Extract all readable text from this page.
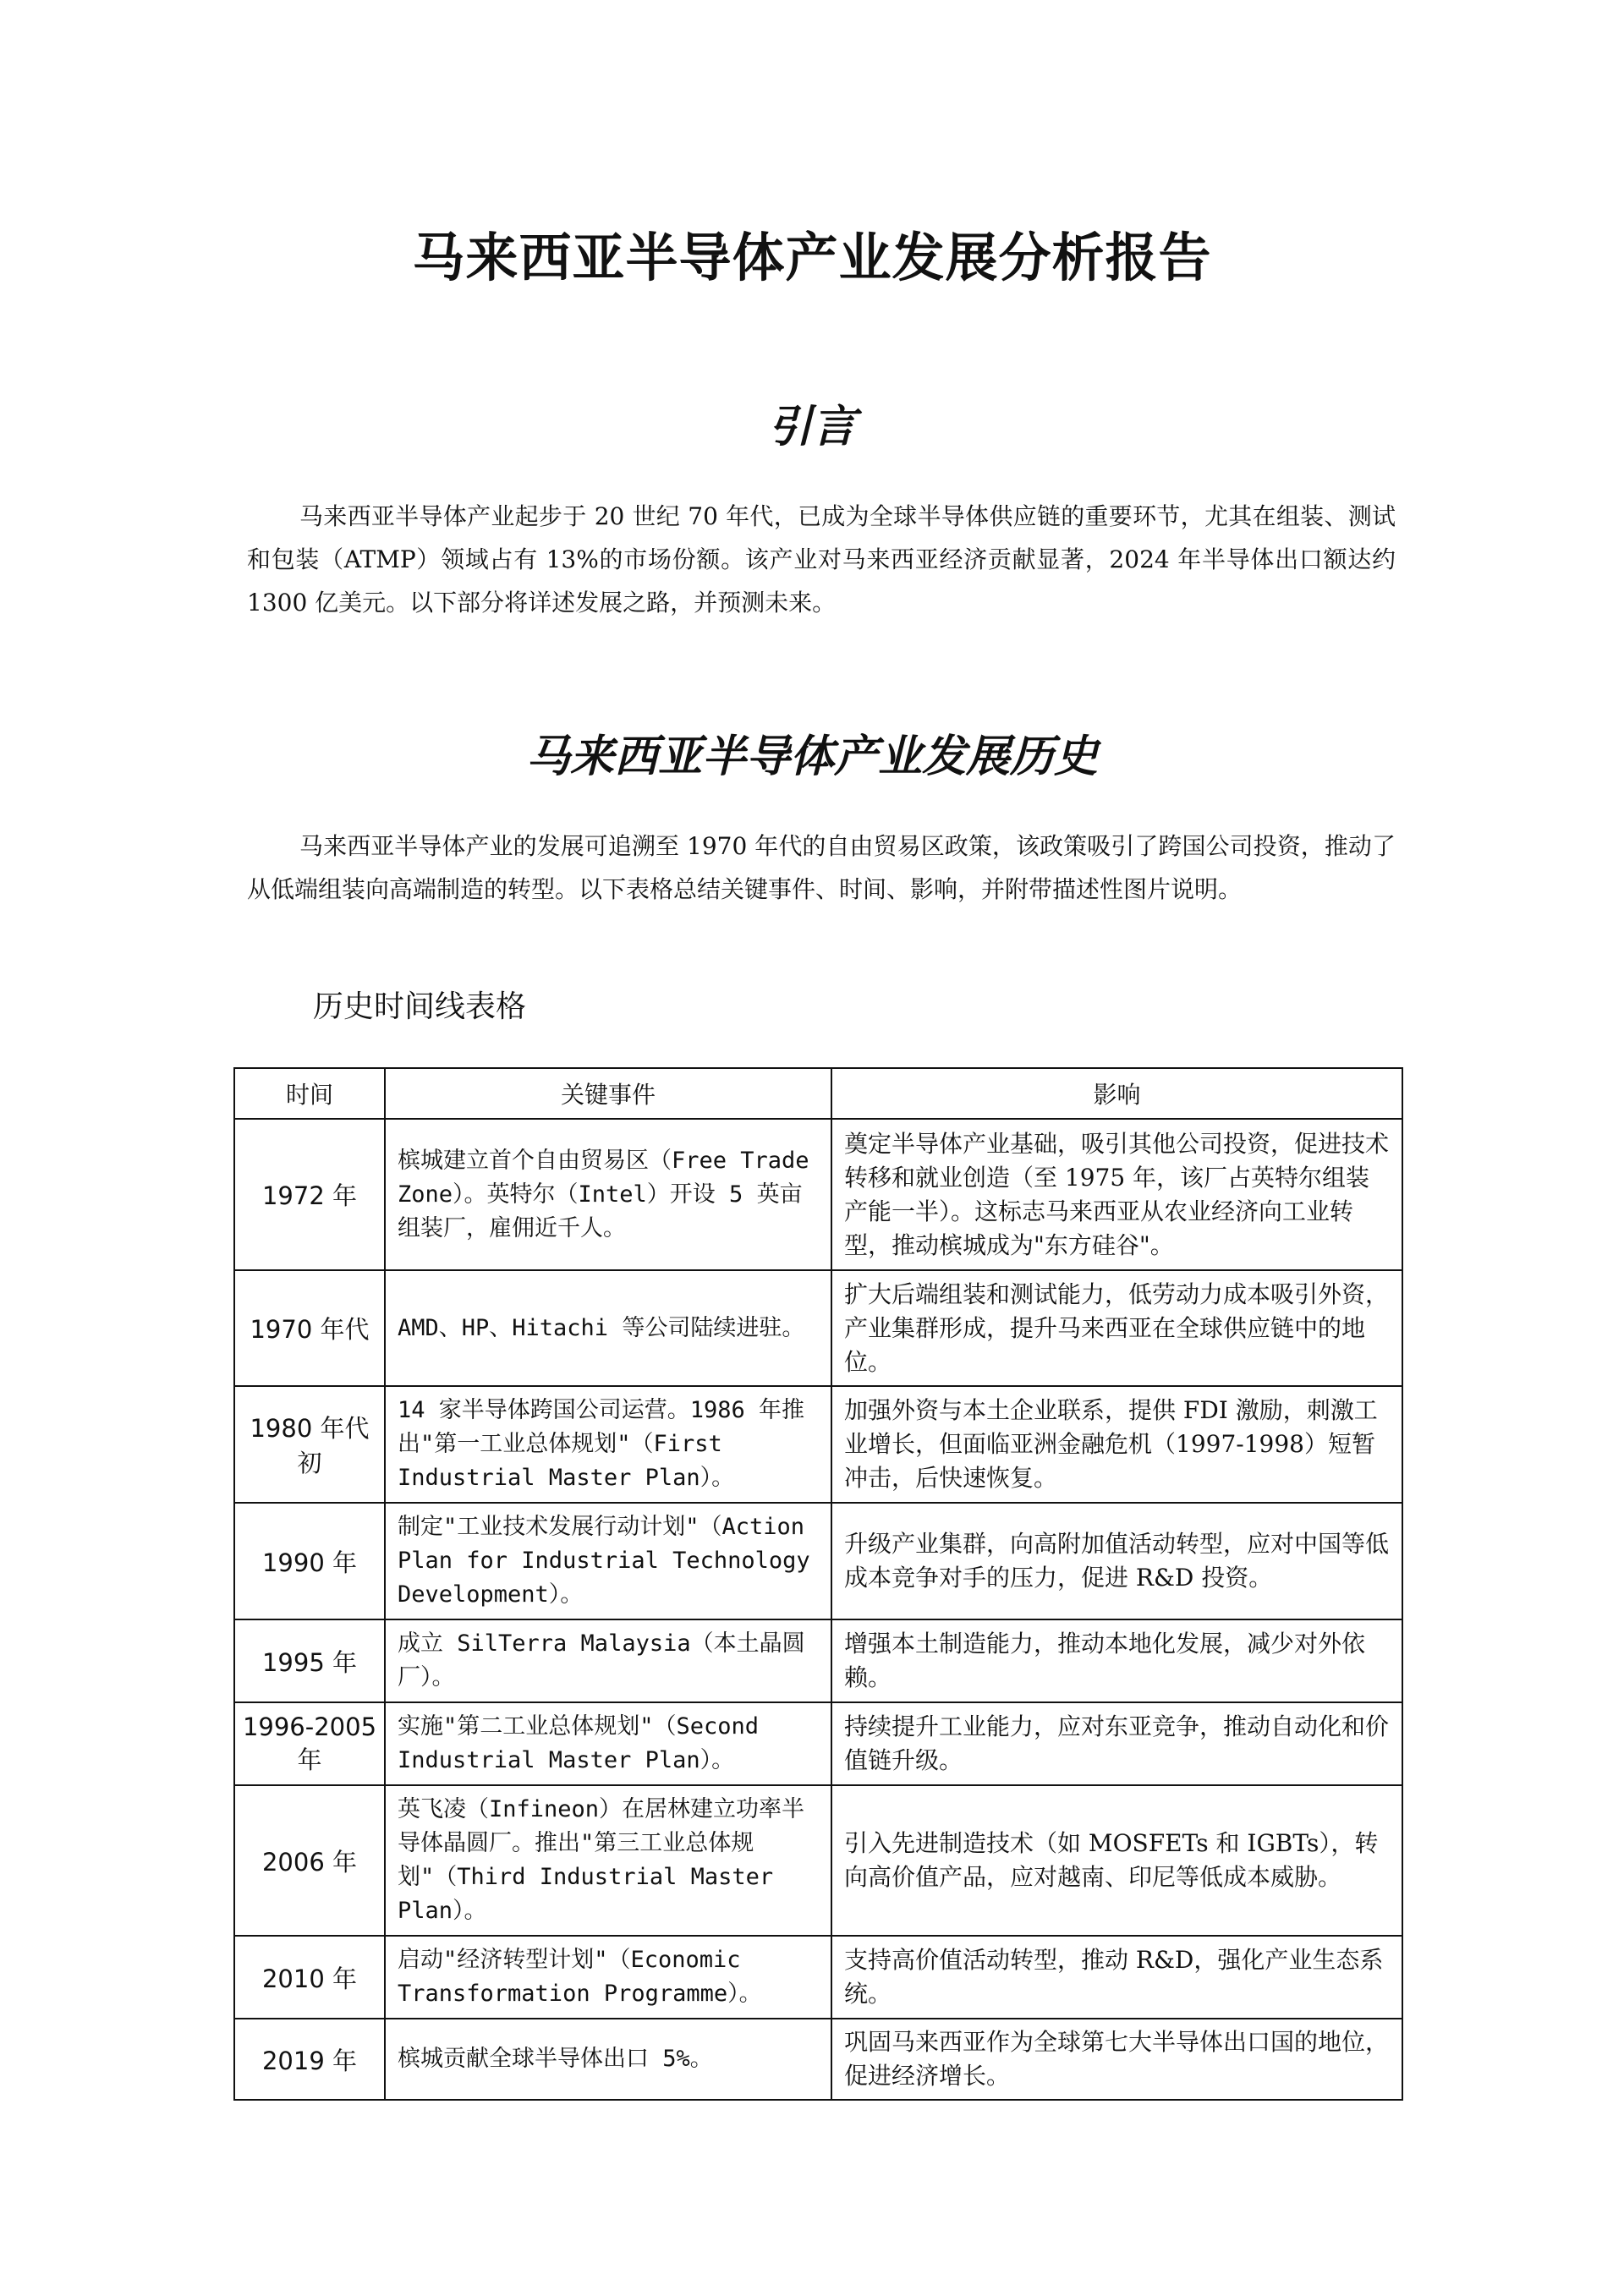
马来西亚半导体产业发展分析报告
引言

马来西亚半导体产业起步于 20 世纪 70 年代，已成为全球半导体供应链的重要环节，尤其在组装、测试和包装（ATMP）领域占有 13%的市场份额。该产业对马来西亚经济贡献显著，2024 年半导体出口额达约 1300 亿美元。以下部分将详述发展之路，并预测未来。

马来西亚半导体产业发展历史

马来西亚半导体产业的发展可追溯至 1970 年代的自由贸易区政策，该政策吸引了跨国公司投资，推动了从低端组装向高端制造的转型。以下表格总结关键事件、时间、影响，并附带描述性图片说明。

历史时间线表格
时间	关键事件	影响
1972 年	槟城建立首个自由贸易区（Free Trade Zone）。英特尔（Intel）开设 5 英亩组装厂，雇佣近千人。	奠定半导体产业基础，吸引其他公司投资，促进技术转移和就业创造（至 1975 年，该厂占英特尔组装产能一半）。这标志马来西亚从农业经济向工业转型，推动槟城成为"东方硅谷"。
1970 年代	AMD、HP、Hitachi 等公司陆续进驻。	扩大后端组装和测试能力，低劳动力成本吸引外资，产业集群形成，提升马来西亚在全球供应链中的地位。
1980 年代初	14 家半导体跨国公司运营。1986 年推出"第一工业总体规划"（First Industrial Master Plan）。	加强外资与本土企业联系，提供 FDI 激励，刺激工业增长，但面临亚洲金融危机（1997-1998）短暂冲击，后快速恢复。
1990 年	制定"工业技术发展行动计划"（Action Plan for Industrial Technology Development）。	升级产业集群，向高附加值活动转型，应对中国等低成本竞争对手的压力，促进 R&D 投资。
1995 年	成立 SilTerra Malaysia（本土晶圆厂）。	增强本土制造能力，推动本地化发展，减少对外依赖。
1996-2005 年	实施"第二工业总体规划"（Second Industrial Master Plan）。	持续提升工业能力，应对东亚竞争，推动自动化和价值链升级。
2006 年	英飞凌（Infineon）在居林建立功率半导体晶圆厂。推出"第三工业总体规划"（Third Industrial Master Plan）。	引入先进制造技术（如 MOSFETs 和 IGBTs），转向高价值产品，应对越南、印尼等低成本威胁。
2010 年	启动"经济转型计划"（Economic Transformation Programme）。	支持高价值活动转型，推动 R&D，强化产业生态系统。
2019 年	槟城贡献全球半导体出口 5%。	巩固马来西亚作为全球第七大半导体出口国的地位，促进经济增长。
